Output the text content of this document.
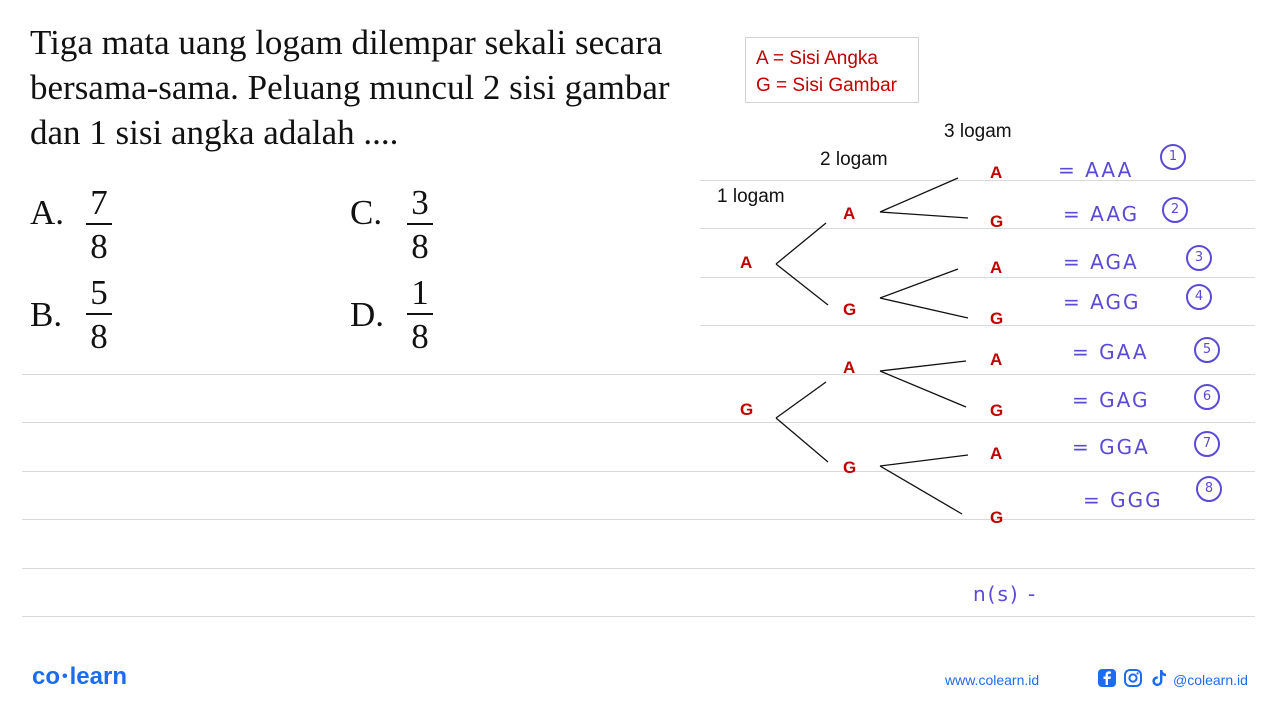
Tiga mata uang logam dilempar sekali secara
bersama-sama. Peluang muncul 2 sisi gambar
dan 1 sisi angka adalah ....
A. 7
8
C. 3
8
B.
5
8
D.
1
8
A = Sisi Angka
G = Sisi Gambar
1 logam
2 logam
3 logam
A
G
A
G
A
G
A
G
A
G
A
G
A
G
= AAA
1
= AAG	2
= AGA	3
= AGG	4
= GAA	5
= GAG	6
= GGA	7
= GGG	8
n(s) -
co •learn	www.colearn.id	@colearn.id
